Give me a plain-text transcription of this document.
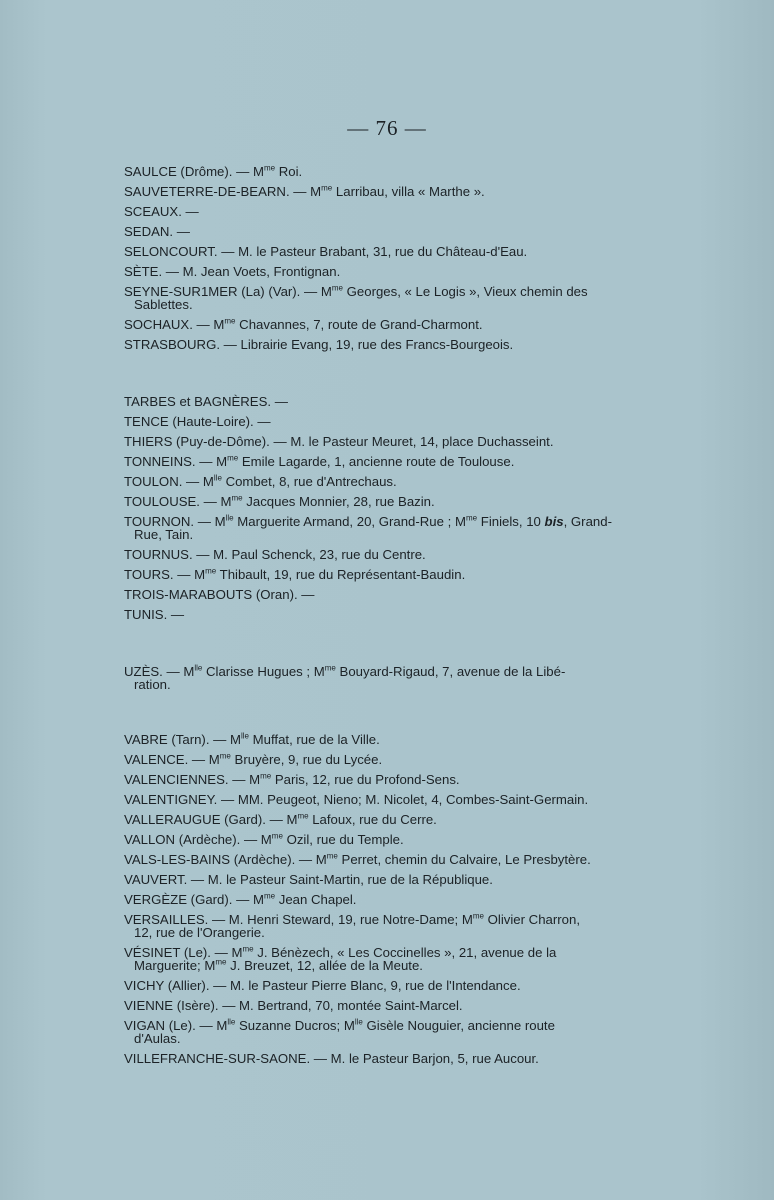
— 76 —
SAULCE (Drôme). — $M^{me}$ Roi.
SAUVETERRE-DE-BEARN. — $M^{me}$ Larribau, villa « Marthe ».
SCEAUX. —
SEDAN. —
SELONCOURT. — M. le Pasteur Brabant, 31, rue du Château-d'Eau.
SÈTE. — M. Jean Voets, Frontignan.
SEYNE-SUR1MER (La) (Var). — $M^{me}$ Georges, « Le Logis », Vieux chemin des
Sablettes.
SOCHAUX. — $M^{me}$ Chavannes, 7, route de Grand-Charmont.
STRASBOURG. — Librairie Evang, 19, rue des Francs-Bourgeois.
TARBES et BAGNÈRES. —
TENCE (Haute-Loire). —
THIERS (Puy-de-Dôme). — M. le Pasteur Meuret, 14, place Duchasseint.
TONNEINS. — $M^{me}$ Emile Lagarde, 1, ancienne route de Toulouse.
TOULON. — $M^{lle}$ Combet, 8, rue d'Antrechaus.
TOULOUSE. — $M^{me}$ Jacques Monnier, 28, rue Bazin.
TOURNON. — $M^{lle}$ Marguerite Armand, 20, Grand-Rue ; $M^{me}$ Finiels, 10 bis, Grand-
Rue, Tain.
TOURNUS. — M. Paul Schenck, 23, rue du Centre.
TOURS. — $M^{me}$ Thibault, 19, rue du Représentant-Baudin.
TROIS-MARABOUTS (Oran). —
TUNIS. —
UZÈS. — $M^{lle}$ Clarisse Hugues ; $M^{me}$ Bouyard-Rigaud, 7, avenue de la Libé-
ration.
VABRE (Tarn). — $M^{lle}$ Muffat, rue de la Ville.
VALENCE. — $M^{me}$ Bruyère, 9, rue du Lycée.
VALENCIENNES. — $M^{me}$ Paris, 12, rue du Profond-Sens.
VALENTIGNEY. — MM. Peugeot, Nieno; M. Nicolet, 4, Combes-Saint-Germain.
VALLERAUGUE (Gard). — $M^{me}$ Lafoux, rue du Cerre.
VALLON (Ardèche). — $M^{me}$ Ozil, rue du Temple.
VALS-LES-BAINS (Ardèche). — $M^{me}$ Perret, chemin du Calvaire, Le Presbytère.
VAUVERT. — M. le Pasteur Saint-Martin, rue de la République.
VERGÈZE (Gard). — $M^{me}$ Jean Chapel.
VERSAILLES. — M. Henri Steward, 19, rue Notre-Dame; $M^{me}$ Olivier Charron,
12, rue de l'Orangerie.
VÉSINET (Le). — $M^{me}$ J. Bénèzech, « Les Coccinelles », 21, avenue de la
Marguerite; $M^{me}$ J. Breuzet, 12, allée de la Meute.
VICHY (Allier). — M. le Pasteur Pierre Blanc, 9, rue de l'Intendance.
VIENNE (Isère). — M. Bertrand, 70, montée Saint-Marcel.
VIGAN (Le). — $M^{lle}$ Suzanne Ducros; $M^{lle}$ Gisèle Nouguier, ancienne route
d'Aulas.
VILLEFRANCHE-SUR-SAONE. — M. le Pasteur Barjon, 5, rue Aucour.
